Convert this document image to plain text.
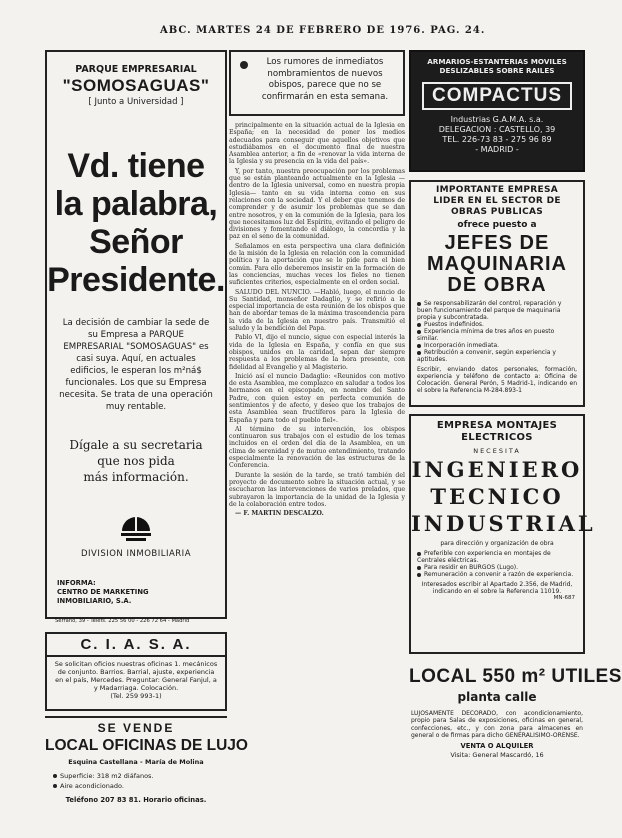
ABC. MARTES 24 DE FEBRERO DE 1976. PAG. 24.
PARQUE EMPRESARIAL
"SOMOSAGUAS"
[ Junto a Universidad ]
Vd. tiene
la palabra,
Señor
Presidente.
La decisión de cambiar la sede de su Empresa a PARQUE EMPRESARIAL "SOMOSAGUAS" es casi suya. Aquí, en actuales edificios, le esperan los m²ná$ funcionales. Los que su Empresa necesita. Se trata de una operación muy rentable.
Dígale a su secretaria
que nos pida
más información.
DIVISION INMOBILIARIA
INFORMA:
CENTRO DE MARKETING
INMOBILIARIO, S.A.
Serrano, 39 - Teléfs. 225 56 00 - 226 72 64 - Madrid
C. I. A. S. A.
Se solicitan oficios nuestras oficinas 1. mecánicos de conjunto. Barrios. Barrial, ajuste, experiencia en el país, Mercedes. Preguntar: General Fanjul, a y Madarriaga. Colocación.
(Tel. 259 993-1)
SE VENDE
LOCAL OFICINAS DE LUJO
Esquina Castellana - María de Molina
Superficie: 318 m2 diáfanos.
Aire acondicionado.
Teléfono 207 83 81. Horario oficinas.
Los rumores de inmediatos nombramientos de nuevos obispos, parece que no se confirmarán en esta semana.

principalmente en la situación actual de la Iglesia en España; en la necesidad de poner los medios adecuados para conseguir que aquellos objetivos que estudiábamos en el documento final de nuestra Asamblea anterior, a fin de «renovar la vida interna de la Iglesia y su presencia en la vida del país».

Y, por tanto, nuestra preocupación por los problemas que se están planteando actualmente en la Iglesia —dentro de la Iglesia universal, como en nuestra propia Iglesia— tanto en su vida interna como en sus relaciones con la sociedad. Y el deber que tenemos de comprender y de asumir los problemas que se dan entre nosotros, y en la comunión de la Iglesia, para los que necesitamos luz del Espíritu, evitando el peligro de divisiones y fomentando el diálogo, la concordia y la paz en el seno de la comunidad.

Señalamos en esta perspectiva una clara definición de la misión de la Iglesia en relación con la comunidad política y la aportación que se le pide para el bien común. Para ello deberemos insistir en la formación de las conciencias, muchas veces los fieles no tienen suficientes criterios, especialmente en el orden social.

SALUDO DEL NUNCIO. —Habló, luego, el nuncio de Su Santidad, monseñor Dadaglio, y se refirió a la especial importancia de esta reunión de los obispos que han de abordar temas de la máxima trascendencia para la vida de la Iglesia en nuestro país. Transmitió el saludo y la bendición del Papa.

Pablo VI, dijo el nuncio, sigue con especial interés la vida de la Iglesia en España, y confía en que sus obispos, unidos en la caridad, sepan dar siempre respuesta a los problemas de la hora presente, con fidelidad al Evangelio y al Magisterio.

Inició así el nuncio Dadaglio: «Reunidos con motivo de esta Asamblea, me complazco en saludar a todos los hermanos en el episcopado, en nombre del Santo Padre, con quien estoy en perfecta comunión de sentimientos y de afecto, y deseo que los trabajos de esta Asamblea sean fructíferos para la Iglesia de España y para todo el pueblo fiel».

Al término de su intervención, los obispos continuaron sus trabajos con el estudio de los temas incluidos en el orden del día de la Asamblea, en un clima de serenidad y de mutuo entendimiento, tratando especialmente la renovación de las estructuras de la Conferencia.

Durante la sesión de la tarde, se trató también del proyecto de documento sobre la situación actual, y se escucharon las intervenciones de varios prelados, que subrayaron la importancia de la unidad de la Iglesia y de la colaboración entre todos.

— F. MARTIN DESCALZO.

ARMARIOS-ESTANTERIAS MOVILES
DESLIZABLES SOBRE RAILES
COMPACTUS
Industrias G.A.M.A. s.a.
DELEGACION : CASTELLO, 39
TEL. 226-73 83 - 275 96 89
- MADRID -
IMPORTANTE EMPRESA LIDER EN EL SECTOR DE OBRAS PUBLICAS
ofrece puesto a
JEFES DE
MAQUINARIA
DE OBRA
Se responsabilizarán del control, reparación y buen funcionamiento del parque de maquinaria propia y subcontratada.
Puestos indefinidos.
Experiencia mínima de tres años en puesto similar.
Incorporación inmediata.
Retribución a convenir, según experiencia y aptitudes.
Escribir, enviando datos personales, formación, experiencia y teléfono de contacto a: Oficina de Colocación. General Perón, 5 Madrid-1, indicando en el sobre la Referencia M-284.893-1
EMPRESA MONTAJES ELECTRICOS
NECESITA
INGENIERO
TECNICO
INDUSTRIAL
para dirección y organización de obra
Preferible con experiencia en montajes de Centrales eléctricas.
Para residir en BURGOS (Lugo).
Remuneración a convenir a razón de experiencia.
Interesados escribir al Apartado 2.356, de Madrid, indicando en el sobre la Referencia 11019.
MN-687
LOCAL 550 m² UTILES
planta calle
LUJOSAMENTE DECORADO, con acondicionamiento, propio para Salas de exposiciones, oficinas en general, confecciones, etc., y con zona para almacenes en general o de firmas para dicho GENERALISIMO-ORENSE.
VENTA O ALQUILER
Visita: General Mascardó, 16
